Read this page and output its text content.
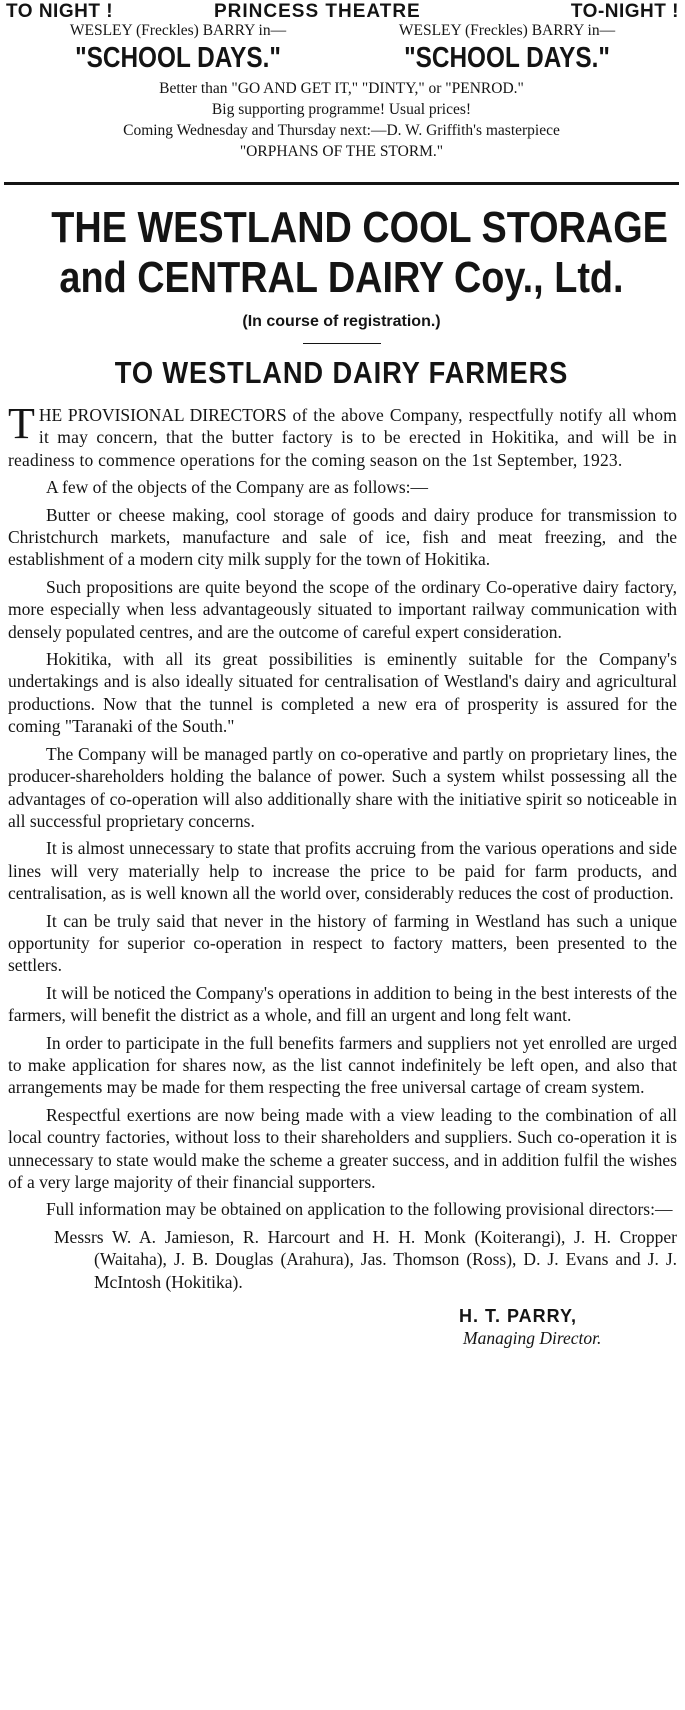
TO NIGHT !	PRINCESS THEATRE	TO-NIGHT !
WESLEY (Freckles) BARRY in—
"SCHOOL DAYS."
WESLEY (Freckles) BARRY in—
"SCHOOL DAYS."
Better than "GO AND GET IT," "DINTY," or "PENROD."
Big supporting programme! Usual prices!
Coming Wednesday and Thursday next:—D. W. Griffith's masterpiece
"ORPHANS OF THE STORM."
THE WESTLAND COOL STORAGE
and CENTRAL DAIRY Coy., Ltd.
(In course of registration.)
TO WESTLAND DAIRY FARMERS

THE PROVISIONAL DIRECTORS of the above Company, respectfully notify all whom it may concern, that the butter factory is to be erected in Hokitika, and will be in readiness to commence operations for the coming season on the 1st September, 1923.

A few of the objects of the Company are as follows:—

Butter or cheese making, cool storage of goods and dairy produce for transmission to Christchurch markets, manufacture and sale of ice, fish and meat freezing, and the establishment of a modern city milk supply for the town of Hokitika.

Such propositions are quite beyond the scope of the ordinary Co-operative dairy factory, more especially when less advantageously situated to important railway communication with densely populated centres, and are the outcome of careful expert consideration.

Hokitika, with all its great possibilities is eminently suitable for the Company's undertakings and is also ideally situated for centralisation of Westland's dairy and agricultural productions. Now that the tunnel is completed a new era of prosperity is assured for the coming "Taranaki of the South."

The Company will be managed partly on co-operative and partly on proprietary lines, the producer-shareholders holding the balance of power. Such a system whilst possessing all the advantages of co-operation will also additionally share with the initiative spirit so noticeable in all successful proprietary concerns.

It is almost unnecessary to state that profits accruing from the various operations and side lines will very materially help to increase the price to be paid for farm products, and centralisation, as is well known all the world over, considerably reduces the cost of production.

It can be truly said that never in the history of farming in Westland has such a unique opportunity for superior co-operation in respect to factory matters, been presented to the settlers.

It will be noticed the Company's operations in addition to being in the best interests of the farmers, will benefit the district as a whole, and fill an urgent and long felt want.

In order to participate in the full benefits farmers and suppliers not yet enrolled are urged to make application for shares now, as the list cannot indefinitely be left open, and also that arrangements may be made for them respecting the free universal cartage of cream system.

Respectful exertions are now being made with a view leading to the combination of all local country factories, without loss to their shareholders and suppliers. Such co-operation it is unnecessary to state would make the scheme a greater success, and in addition fulfil the wishes of a very large majority of their financial supporters.

Full information may be obtained on application to the following provisional directors:—

Messrs W. A. Jamieson, R. Harcourt and H. H. Monk (Koiterangi), J. H. Cropper (Waitaha), J. B. Douglas (Arahura), Jas. Thomson (Ross), D. J. Evans and J. J. McIntosh (Hokitika).
H. T. PARRY,
Managing Director.
